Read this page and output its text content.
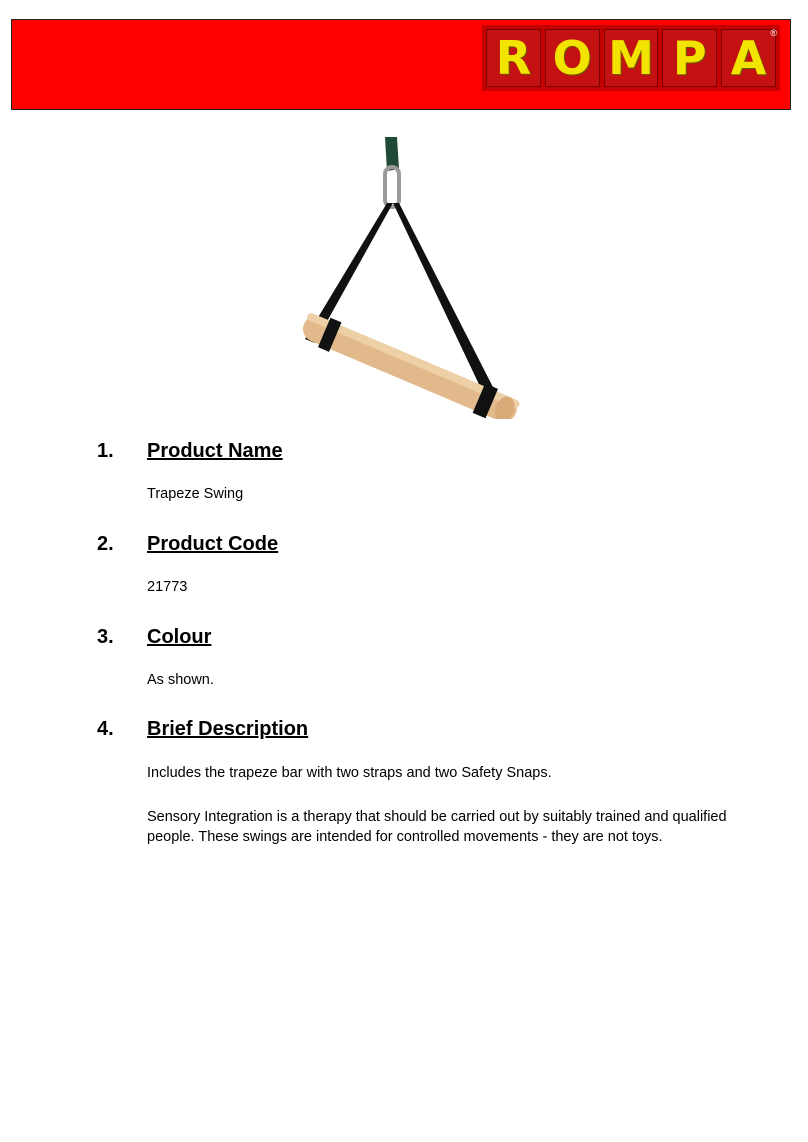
R O M P A ®
1. Product Name
Trapeze Swing
2. Product Code
21773
3. Colour
As shown.
4. Brief Description
Includes the trapeze bar with two straps and two Safety Snaps.
Sensory Integration is a therapy that should be carried out by suitably trained and qualified people. These swings are intended for controlled movements - they are not toys.
